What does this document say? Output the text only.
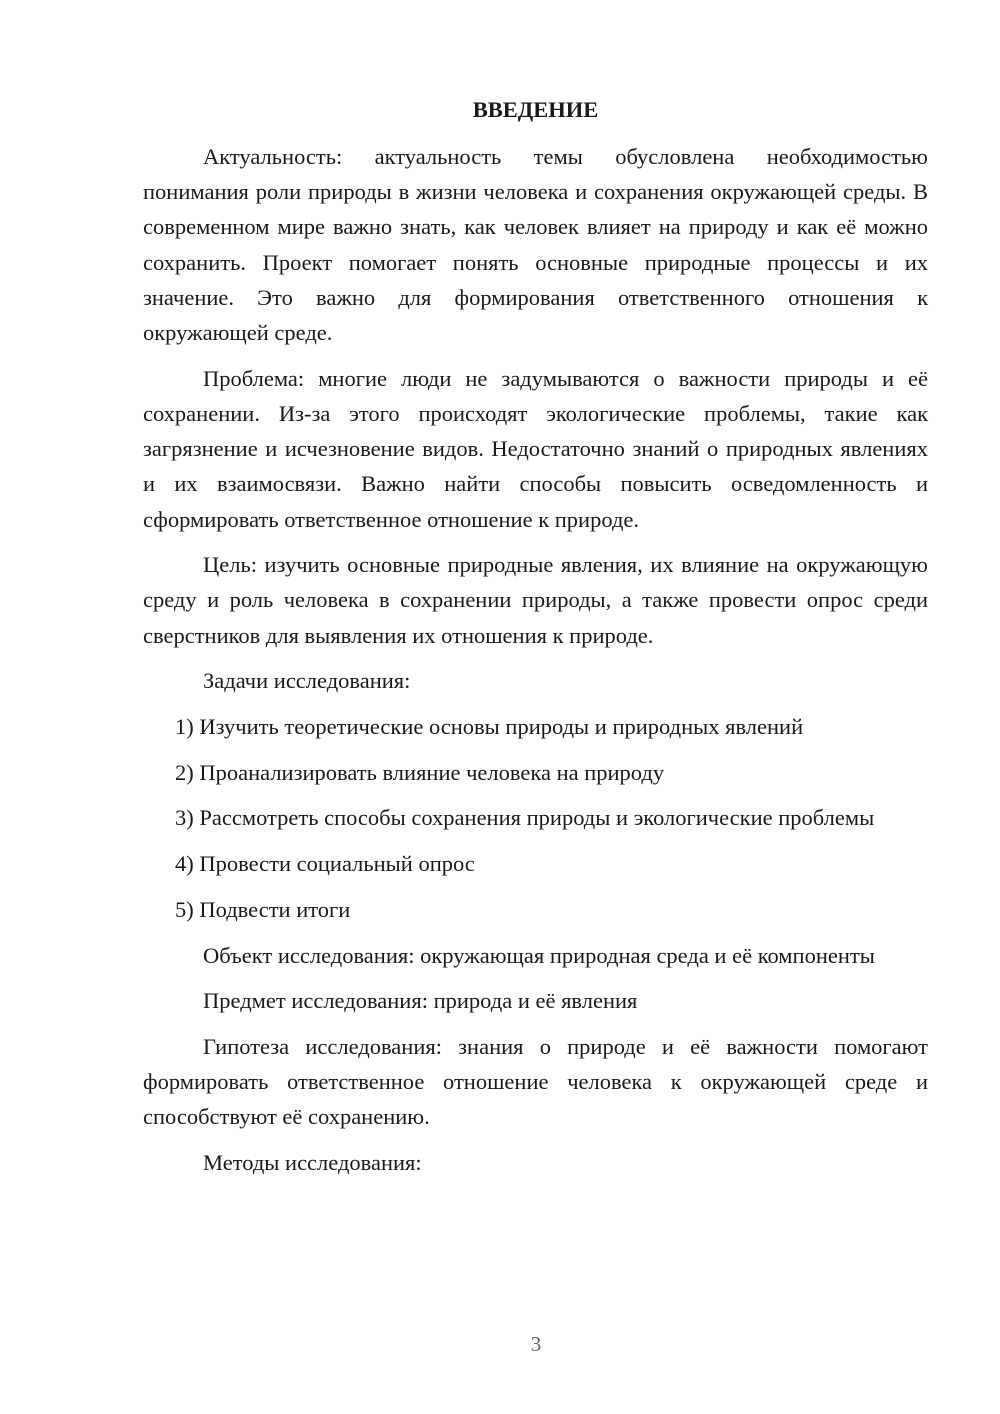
ВВЕДЕНИЕ

Актуальность: актуальность темы обусловлена необходимостью понимания роли природы в жизни человека и сохранения окружающей среды. В современном мире важно знать, как человек влияет на природу и как её можно сохранить. Проект помогает понять основные природные процессы и их значение. Это важно для формирования ответственного отношения к окружающей среде.

Проблема: многие люди не задумываются о важности природы и её сохранении. Из-за этого происходят экологические проблемы, такие как загрязнение и исчезновение видов. Недостаточно знаний о природных явлениях и их взаимосвязи. Важно найти способы повысить осведомленность и сформировать ответственное отношение к природе.

Цель: изучить основные природные явления, их влияние на окружающую среду и роль человека в сохранении природы, а также провести опрос среди сверстников для выявления их отношения к природе.

Задачи исследования:

1) Изучить теоретические основы природы и природных явлений

2) Проанализировать влияние человека на природу

3) Рассмотреть способы сохранения природы и экологические проблемы

4) Провести социальный опрос

5) Подвести итоги

Объект исследования: окружающая природная среда и её компоненты

Предмет исследования: природа и её явления

Гипотеза исследования: знания о природе и её важности помогают формировать ответственное отношение человека к окружающей среде и способствуют её сохранению.

Методы исследования:

3
